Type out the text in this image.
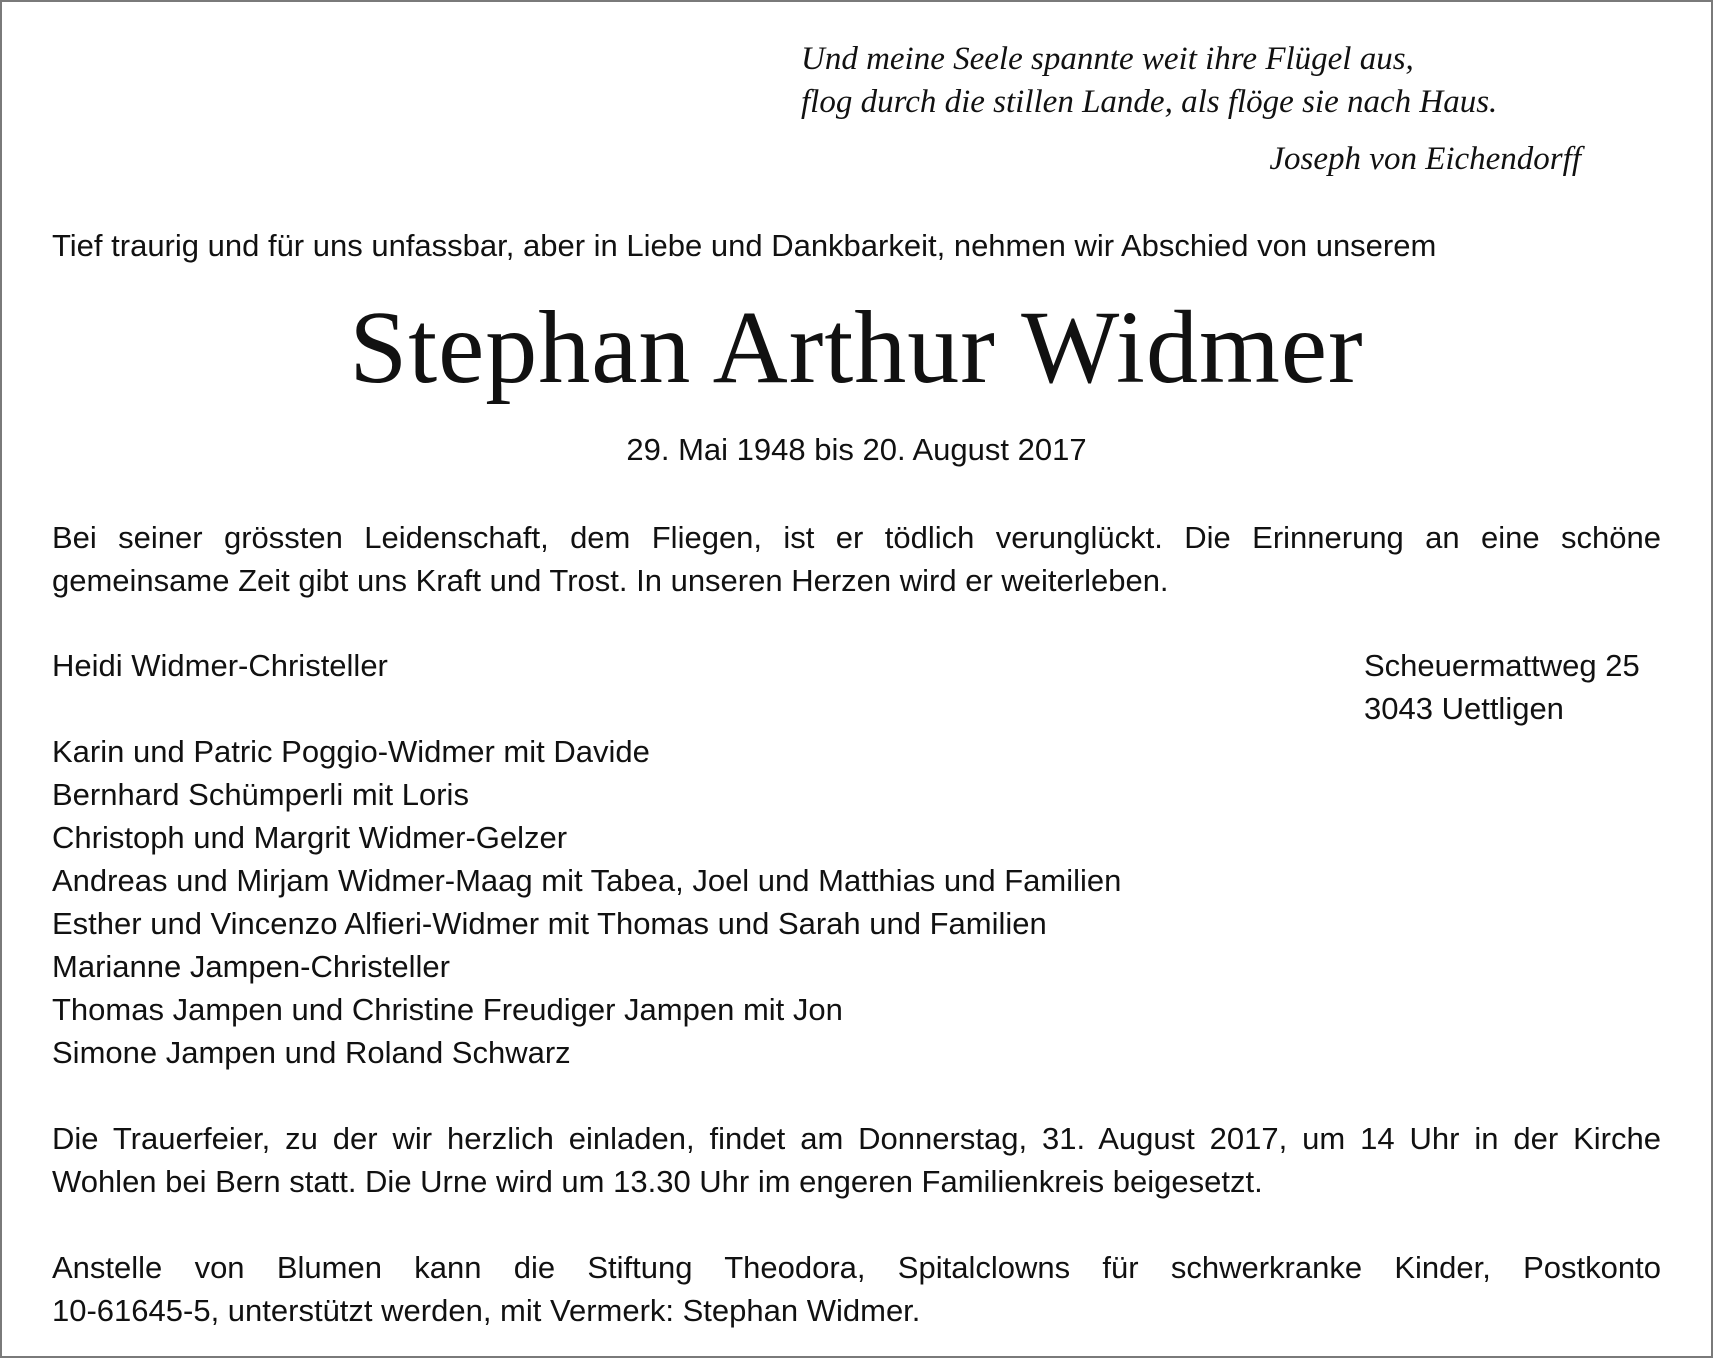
Und meine Seele spannte weit ihre Flügel aus,
flog durch die stillen Lande, als flöge sie nach Haus.
Joseph von Eichendorff
Tief traurig und für uns unfassbar, aber in Liebe und Dankbarkeit, nehmen wir Abschied von unserem
Stephan Arthur Widmer
29. Mai 1948 bis 20. August 2017
Bei seiner grössten Leidenschaft, dem Fliegen, ist er tödlich verunglückt. Die Erinnerung an eine schöne
gemeinsame Zeit gibt uns Kraft und Trost. In unseren Herzen wird er weiterleben.
Heidi Widmer-Christeller	Scheuermattweg 25
3043 Uettligen
Karin und Patric Poggio-Widmer mit Davide
Bernhard Schümperli mit Loris
Christoph und Margrit Widmer-Gelzer
Andreas und Mirjam Widmer-Maag mit Tabea, Joel und Matthias und Familien
Esther und Vincenzo Alfieri-Widmer mit Thomas und Sarah und Familien
Marianne Jampen-Christeller
Thomas Jampen und Christine Freudiger Jampen mit Jon
Simone Jampen und Roland Schwarz
Die Trauerfeier, zu der wir herzlich einladen, findet am Donnerstag, 31. August 2017, um 14 Uhr in der Kirche
Wohlen bei Bern statt. Die Urne wird um 13.30 Uhr im engeren Familienkreis beigesetzt.
Anstelle von Blumen kann die Stiftung Theodora, Spitalclowns für schwerkranke Kinder, Postkonto
10-61645-5, unterstützt werden, mit Vermerk: Stephan Widmer.
